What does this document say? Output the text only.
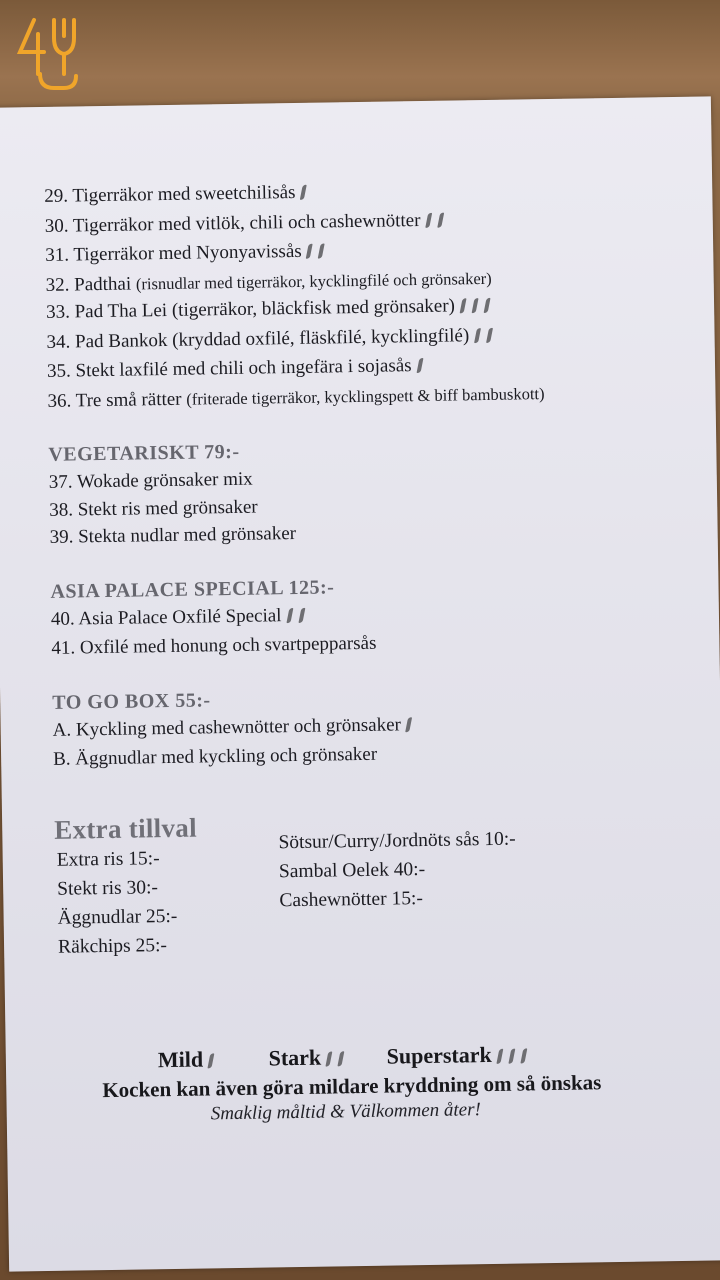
29. Tigerräkor med sweetchilisås
30. Tigerräkor med vitlök, chili och cashewnötter
31. Tigerräkor med Nyonyavissås
32. Padthai (risnudlar med tigerräkor, kycklingfilé och grönsaker)
33. Pad Tha Lei (tigerräkor, bläckfisk med grönsaker)
34. Pad Bankok (kryddad oxfilé, fläskfilé, kycklingfilé)
35. Stekt laxfilé med chili och ingefära i sojasås
36. Tre små rätter (friterade tigerräkor, kycklingspett & biff bambuskott)
VEGETARISKT 79:-
37. Wokade grönsaker mix
38. Stekt ris med grönsaker
39. Stekta nudlar med grönsaker
ASIA PALACE SPECIAL 125:-
40. Asia Palace Oxfilé Special
41. Oxfilé med honung och svartpepparsås
TO GO BOX 55:-
A. Kyckling med cashewnötter och grönsaker
B. Äggnudlar med kyckling och grönsaker
Extra tillval
Extra ris 15:-
Stekt ris 30:-
Äggnudlar 25:-
Räkchips 25:-
Sötsur/Curry/Jordnöts sås 10:-
Sambal Oelek 40:-
Cashewnötter 15:-
Mild	Stark	Superstark
Kocken kan även göra mildare kryddning om så önskas
Smaklig måltid & Välkommen åter!
